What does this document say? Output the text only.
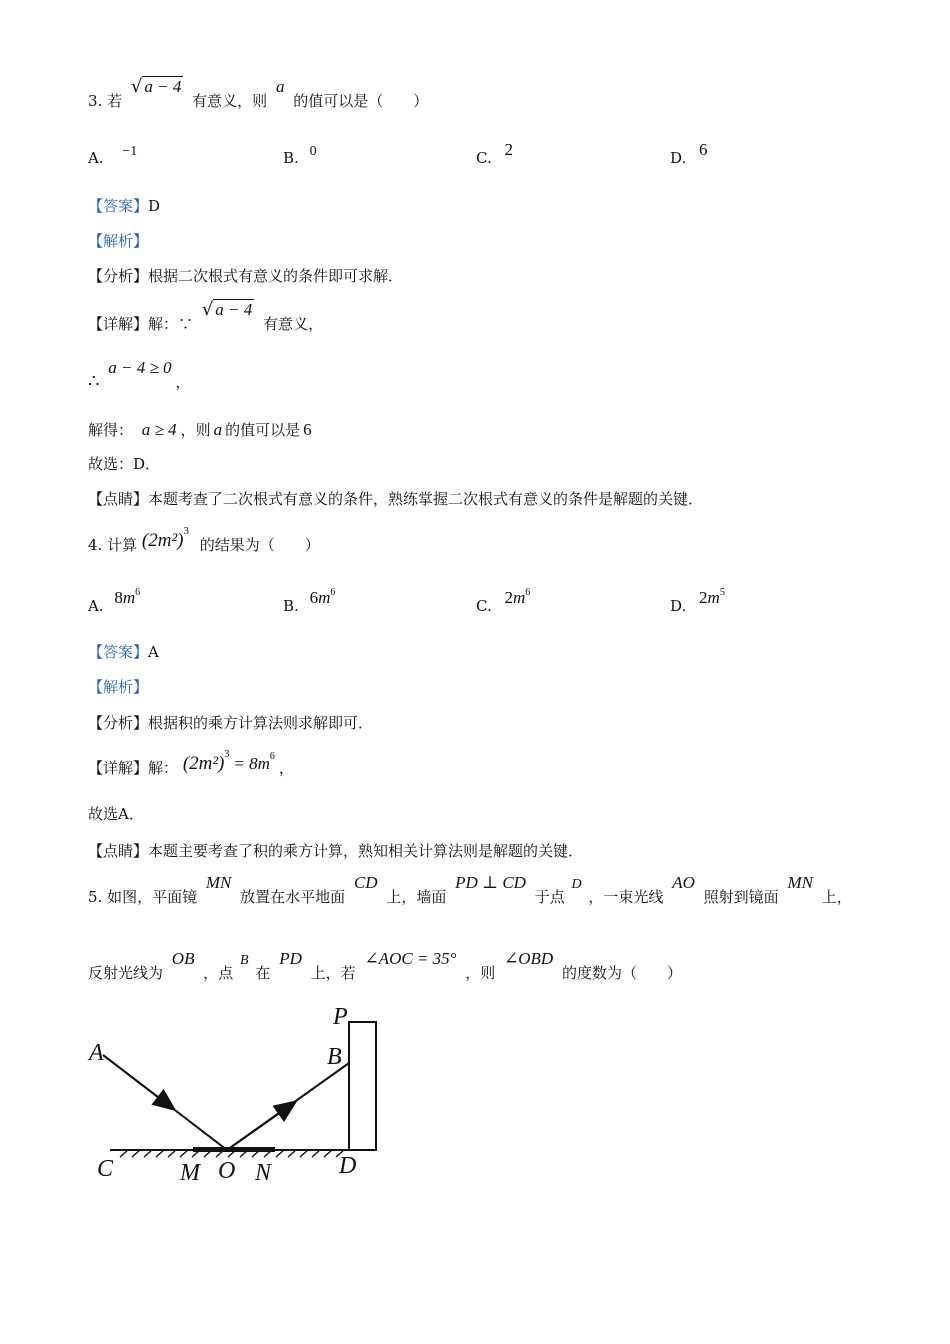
3. 若 √ a − 4 有意义，则 a 的值可以是（　　）
A. −1	B. 0	C. 2	D. 6
【答案】D
【解析】
【分析】根据二次根式有意义的条件即可求解．
【详解】解：∵ √ a − 4 有意义，
∴ a − 4 ≥ 0，
解得： a ≥ 4 ，则 a 的值可以是 6
故选：D．
【点睛】本题考查了二次根式有意义的条件，熟练掌握二次根式有意义的条件是解题的关键．
4. 计算 $(2m^2)^3$ 的结果为（　　）
A. $8m^6$
B. $6m^6$
C. $2m^6$
D. $2m^5$
【答案】A
【解析】
【分析】根据积的乘方计算法则求解即可．
【详解】解： $(2m^2)^3 = 8m^6$，
故选A．
【点睛】本题主要考查了积的乘方计算，熟知相关计算法则是解题的关键．
5. 如图，平面镜 MN 放置在水平地面 CD 上，墙面 PD ⊥ CD 于点 D ，一束光线 AO 照射到镜面 MN 上，
反射光线为 OB ，点 B 在 PD 上，若 ∠AOC = 35° ，则 ∠OBD 的度数为（　　）
A	B
C	D
M O N
P
